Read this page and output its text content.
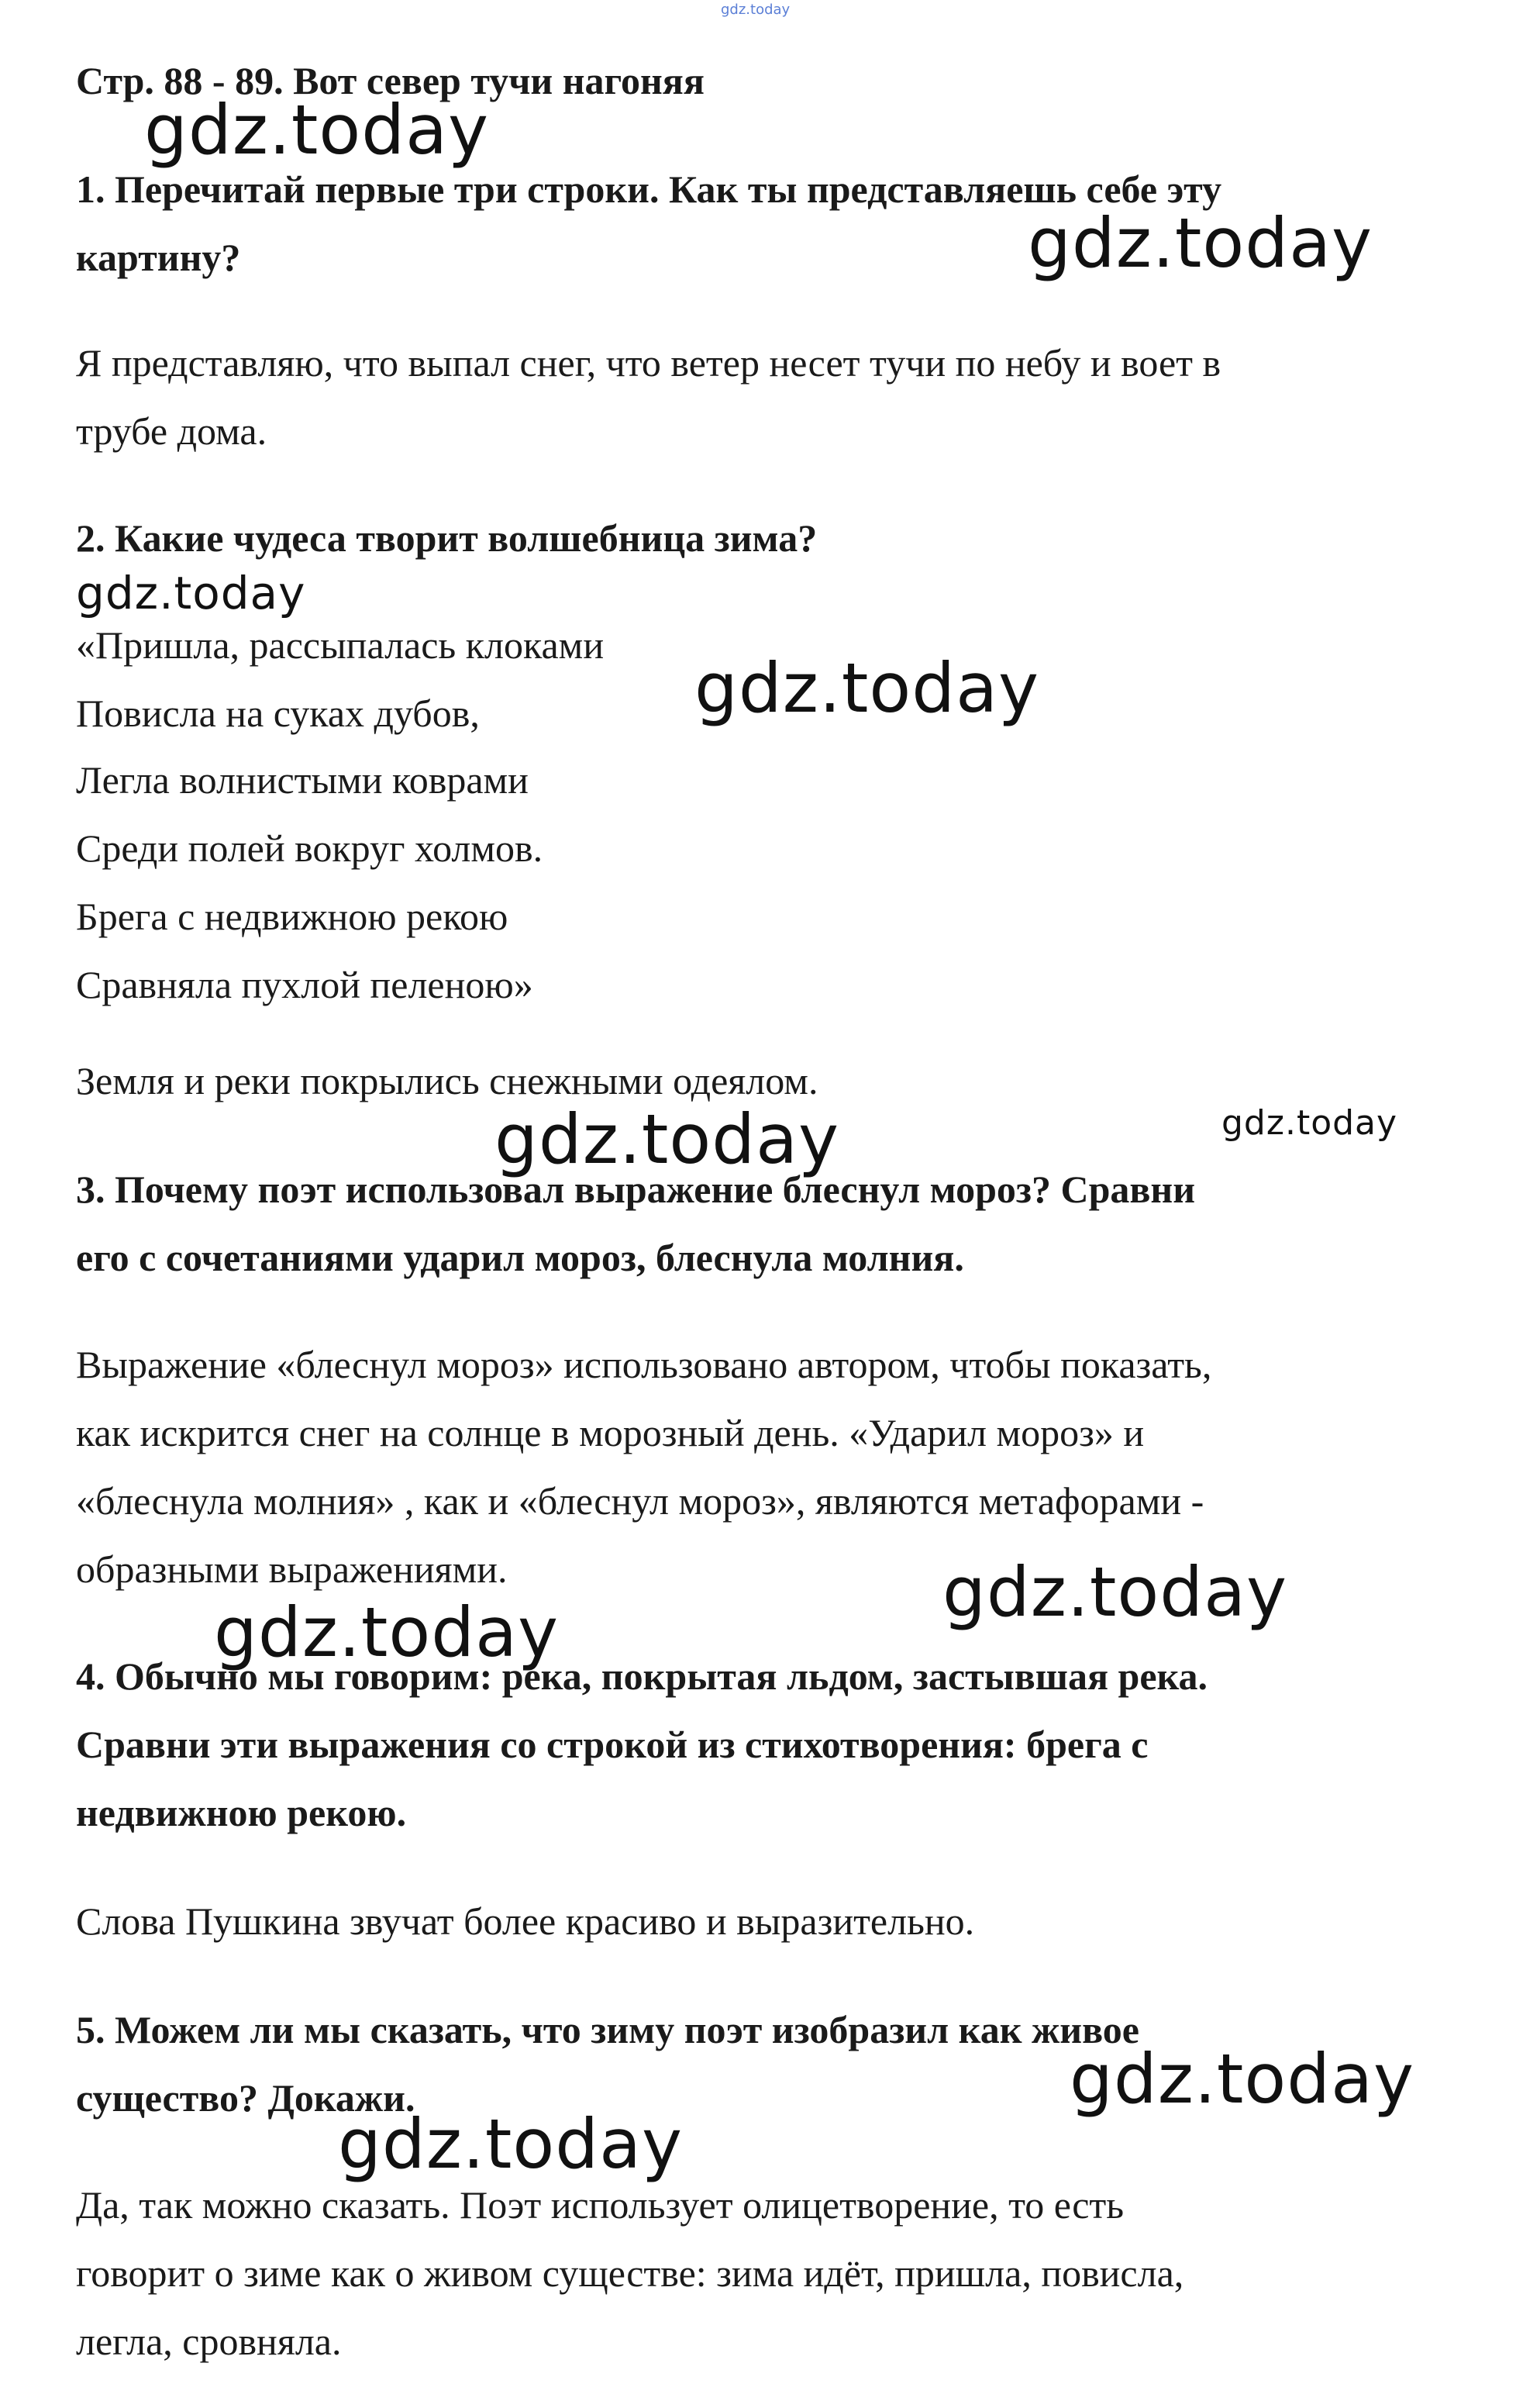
gdz.today
Стр. 88 - 89. Вот север тучи нагоняя
1. Перечитай первые три строки. Как ты представляешь себе эту
картину?
Я представляю, что выпал снег, что ветер несет тучи по небу и воет в
трубе дома.
2. Какие чудеса творит волшебница зима?
«Пришла, рассыпалась клоками
Повисла на суках дубов,
Легла волнистыми коврами
Среди полей вокруг холмов.
Брега с недвижною рекою
Сравняла пухлой пеленою»
Земля и реки покрылись снежными одеялом.
3. Почему поэт использовал выражение блеснул мороз? Сравни
его с сочетаниями ударил мороз, блеснула молния.
Выражение «блеснул мороз» использовано автором, чтобы показать,
как искрится снег на солнце в морозный день. «Ударил мороз» и
«блеснула молния» , как и «блеснул мороз», являются метафорами -
образными выражениями.
4. Обычно мы говорим: река, покрытая льдом, застывшая река.
Сравни эти выражения со строкой из стихотворения: брега с
недвижною рекою.
Слова Пушкина звучат более красиво и выразительно.
5. Можем ли мы сказать, что зиму поэт изобразил как живое
существо? Докажи.
Да, так можно сказать. Поэт использует олицетворение, то есть
говорит о зиме как о живом существе: зима идёт, пришла, повисла,
легла, сровняла.
gdz.today
gdz.today
gdz.today
gdz.today
gdz.today
gdz.today
gdz.today
gdz.today
gdz.today
gdz.today
